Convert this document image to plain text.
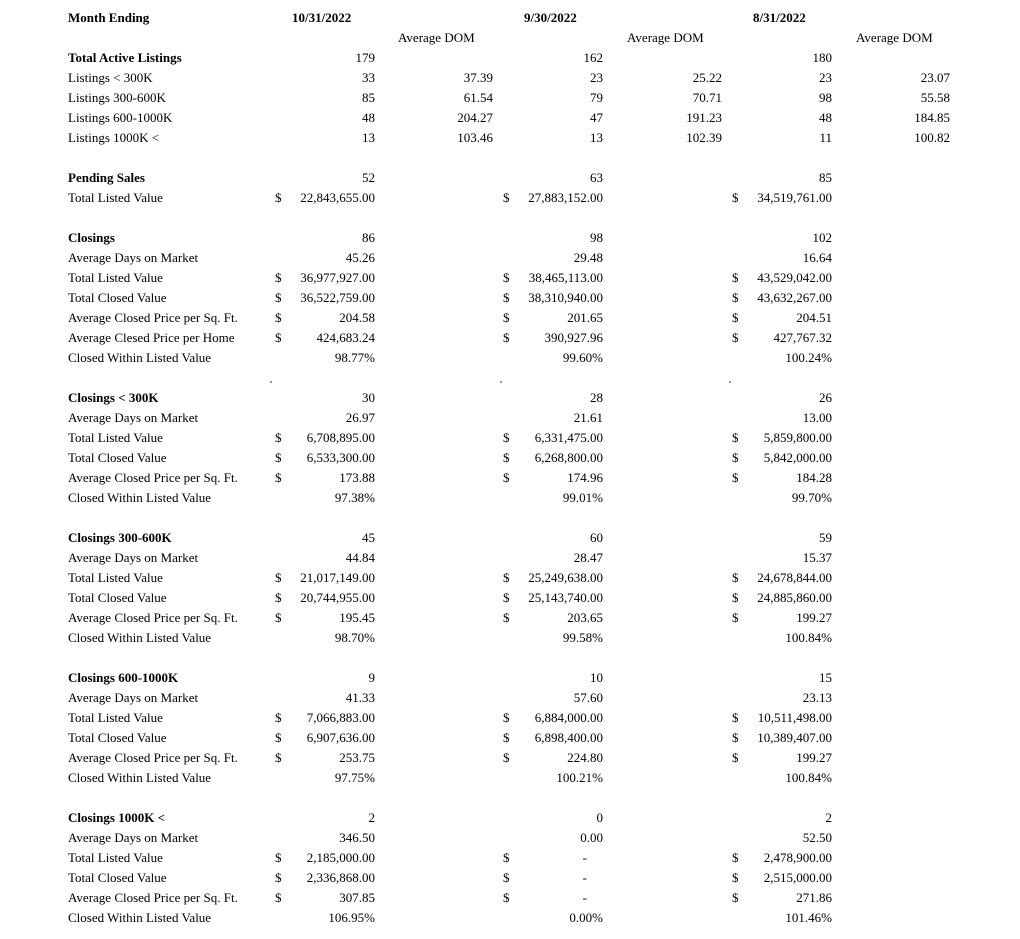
Month Ending	10/31/2022	9/30/2022	8/31/2022
Average DOM	Average DOM	Average DOM
Total Active Listings	179	162	180
Listings < 300K	33	37.39	23	25.22	23	23.07
Listings 300-600K	85	61.54	79	70.71	98	55.58
Listings 600-1000K	48	204.27	47	191.23	48	184.85
Listings 1000K <	13	103.46	13	102.39	11	100.82
Pending Sales	52	63	85
Total Listed Value	$	22,843,655.00	$	27,883,152.00	$	34,519,761.00
Closings	86	98	102
Average Days on Market	45.26	29.48	16.64
Total Listed Value	$	36,977,927.00	$	38,465,113.00	$	43,529,042.00
Total Closed Value	$	36,522,759.00	$	38,310,940.00	$	43,632,267.00
Average Closed Price per Sq. Ft.	$	204.58	$	201.65	$	204.51
Average Clesed Price per Home	$	424,683.24	$	390,927.96	$	427,767.32
Closed Within Listed Value	98.77%	99.60%	100.24%
Closings < 300K	30	28	26
Average Days on Market	26.97	21.61	13.00
Total Listed Value	$	6,708,895.00	$	6,331,475.00	$	5,859,800.00
Total Closed Value	$	6,533,300.00	$	6,268,800.00	$	5,842,000.00
Average Closed Price per Sq. Ft.	$	173.88	$	174.96	$	184.28
Closed Within Listed Value	97.38%	99.01%	99.70%
Closings 300-600K	45	60	59
Average Days on Market	44.84	28.47	15.37
Total Listed Value	$	21,017,149.00	$	25,249,638.00	$	24,678,844.00
Total Closed Value	$	20,744,955.00	$	25,143,740.00	$	24,885,860.00
Average Closed Price per Sq. Ft.	$	195.45	$	203.65	$	199.27
Closed Within Listed Value	98.70%	99.58%	100.84%
Closings 600-1000K	9	10	15
Average Days on Market	41.33	57.60	23.13
Total Listed Value	$	7,066,883.00	$	6,884,000.00	$	10,511,498.00
Total Closed Value	$	6,907,636.00	$	6,898,400.00	$	10,389,407.00
Average Closed Price per Sq. Ft.	$	253.75	$	224.80	$	199.27
Closed Within Listed Value	97.75%	100.21%	100.84%
Closings 1000K <	2	0	2
Average Days on Market	346.50	0.00	52.50
Total Listed Value	$	2,185,000.00	$	-	$	2,478,900.00
Total Closed Value	$	2,336,868.00	$	-	$	2,515,000.00
Average Closed Price per Sq. Ft.	$	307.85	$	-	$	271.86
Closed Within Listed Value	106.95%	0.00%	101.46%
